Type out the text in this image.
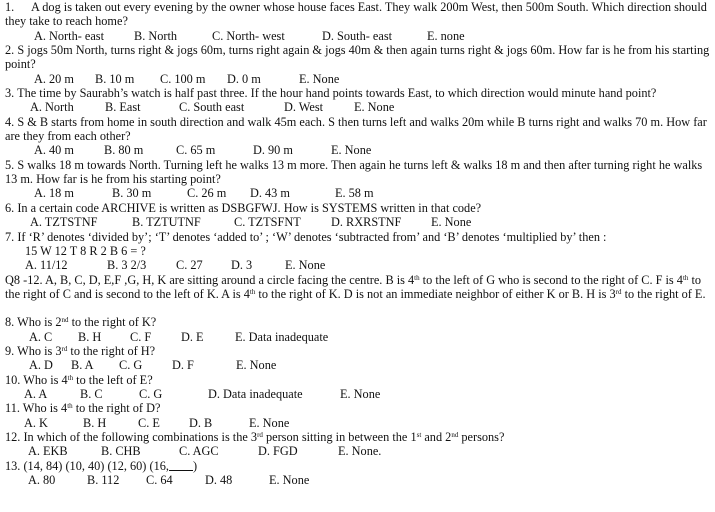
1. A dog is taken out every evening by the owner whose house faces East. They walk 200m West, then 500m South. Which direction should they take to reach home?
A. North- east B. North	C. North- west	D. South- east	E. none
2. S jogs 50m North, turns right & jogs 60m, turns right again & jogs 40m & then again turns right & jogs 60m. How far is he from his starting point?
A. 20 m B. 10 m C. 100 m D. 0 m	E. None
3. The time by Saurabh’s watch is half past three. If the hour hand points towards East, to which direction would minute hand point?
A. North	B. East	C. South east	D. West	E. None
4. S & B starts from home in south direction and walk 45m each. S then turns left and walks 20m while B turns right and walks 70 m. How far are they from each other?
A. 40 m B. 80 m	C. 65 m	D. 90 m	E. None
5. S walks 18 m towards North. Turning left he walks 13 m more. Then again he turns left & walks 18 m and then after turning right he walks 13 m. How far is he from his starting point?
A. 18 m	B. 30 m	C. 26 m D. 43 m	E. 58 m
6. In a certain code ARCHIVE is written as DSBGFWJ. How is SYSTEMS written in that code?
A. TZTSTNF	B. TZTUTNF	C. TZTSFNT D. RXRSTNF E. None
7. If ‘R’ denotes ‘divided by’; ‘T’ denotes ‘added to’ ; ‘W’ denotes ‘subtracted from’ and ‘B’ denotes ‘multiplied by’ then :
15 W 12 T 8 R 2 B 6 = ?
A. 11/12	B. 3 2/3 C. 27 D. 3	E. None
Q8 -12. A, B, C, D, E,F ,G, H, K are sitting around a circle facing the centre. B is 4th to the left of G who is second to the right of C. F is 4th to the right of C and is second to the left of K. A is 4th to the right of K. D is not an immediate neighbor of either K or B. H is 3rd to the right of E.
8. Who is 2nd to the right of K?
A. C B. H C. F D. E	E. Data inadequate
9. Who is 3rd to the right of H?
A. D B. A C. G D. F	E. None
10. Who is 4th to the left of E?
A. A	B. C	C. G	D. Data inadequate	E. None
11. Who is 4th to the right of D?
A. K	B. H	C. E D. B	E. None
12. In which of the following combinations is the 3rd person sitting in between the 1st and 2nd persons?
A. EKB	B. CHB	C. AGC	D. FGD	E. None.
13. (14, 84) (10, 40) (12, 60) (16, )
A. 80	B. 112 C. 64	D. 48	E. None
